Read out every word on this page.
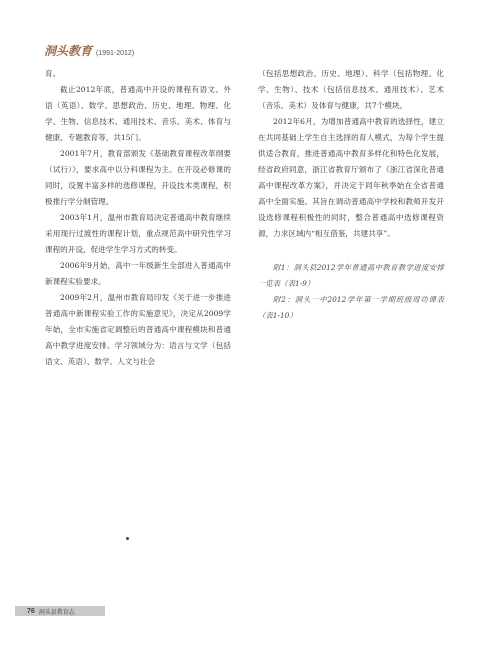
洞头教育 (1991-2012)

育。

截止2012年底，普通高中开设的课程有语文、外语（英语）、数学、思想政治、历史、地理、物理、化学、生物、信息技术、通用技术、音乐、美术、体育与健康、专题教育等，共15门。

2001年7月，教育部颁发《基础教育课程改革纲要（试行）》，要求高中以分科课程为主。在开设必修课的同时，设置丰富多样的选修课程，开设技术类课程，积极推行学分制管理。

2003年1月，温州市教育局决定普通高中教育继续采用现行过渡性的课程计划，重点规范高中研究性学习课程的开设，促进学生学习方式的转变。

2006年9月始，高中一年级新生全部进入普通高中新课程实验要求。

2009年2月，温州市教育局印发《关于进一步推进普通高中新课程实验工作的实施意见》，决定从2009学年始，全市实施省定调整后的普通高中课程模块和普通高中教学进度安排。学习领域分为：语言与文学（包括语文、英语）、数学、人文与社会

（包括思想政治、历史、地理）、科学（包括物理、化学、生物）、技术（包括信息技术、通用技术）、艺术（音乐、美术）及体育与健康，共7个模块。

2012年6月，为增加普通高中教育的选择性，建立在共同基础上学生自主选择的育人模式，为每个学生提供适合教育，推进普通高中教育多样化和特色化发展，经省政府同意，浙江省教育厅颁布了《浙江省深化普通高中课程改革方案》，并决定于同年秋季始在全省普通高中全面实施。其旨在调动普通高中学校和教师开发开设选修课程积极性的同时，整合普通高中选修课程资源，力求区域内“相互借鉴，共建共享”。

附1：洞头县2012学年普通高中教育教学进度安排一览表（表1-9）

附2：洞头一中2012学年第一学期班级周功课表（表1-10）

76 洞头县教育志
